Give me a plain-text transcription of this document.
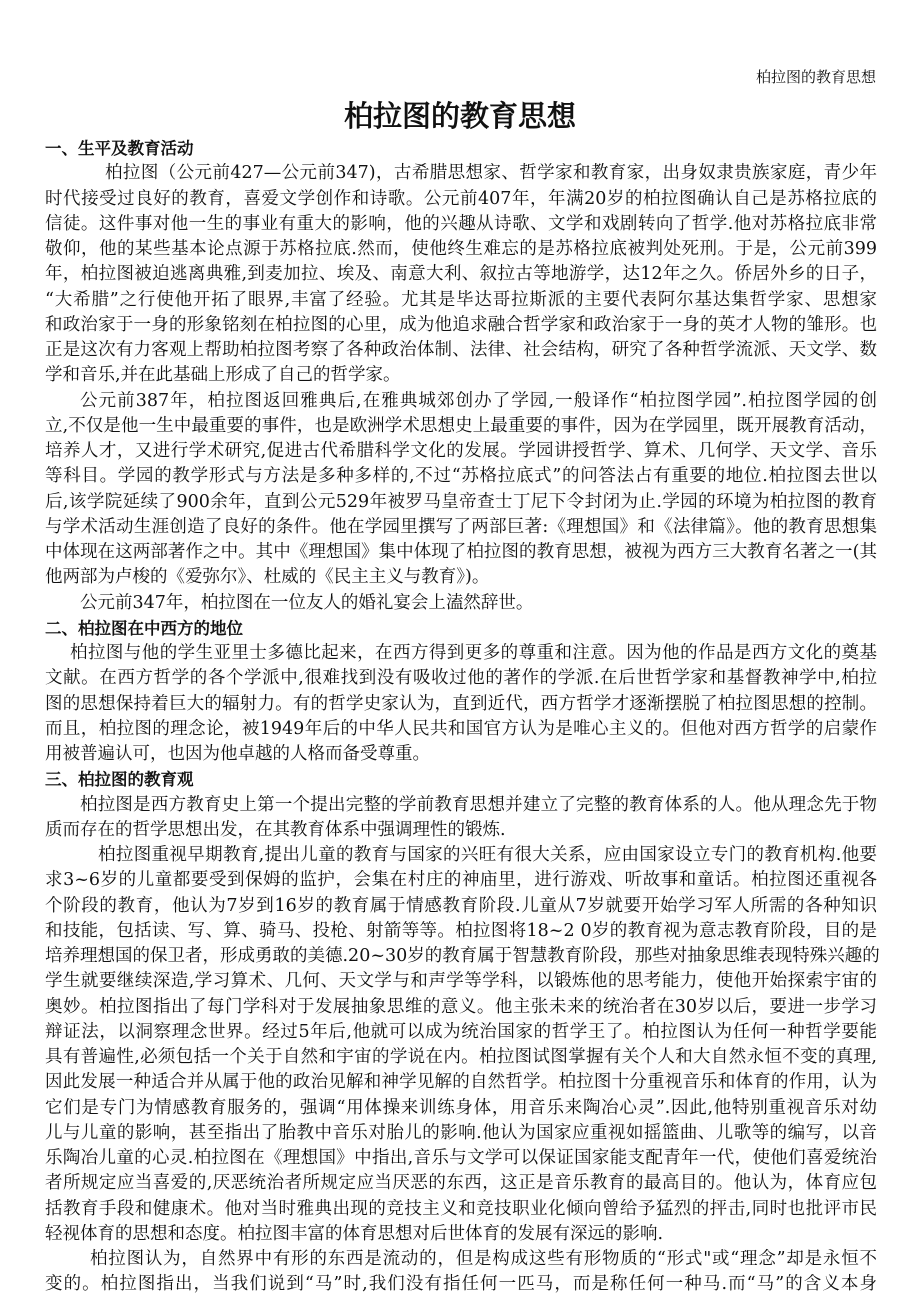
柏拉图的教育思想
柏拉图的教育思想
一、生平及教育活动
柏拉图（公元前427—公元前347)，古希腊思想家、哲学家和教育家，出身奴隶贵族家庭，青少年
时代接受过良好的教育，喜爱文学创作和诗歌。公元前407年，年满20岁的柏拉图确认自己是苏格拉底的
信徒。这件事对他一生的事业有重大的影响，他的兴趣从诗歌、文学和戏剧转向了哲学.他对苏格拉底非常
敬仰，他的某些基本论点源于苏格拉底.然而，使他终生难忘的是苏格拉底被判处死刑。于是，公元前399
年，柏拉图被迫逃离典雅,到麦加拉、埃及、南意大利、叙拉古等地游学，达12年之久。侨居外乡的日子，
“大希腊”之行使他开拓了眼界,丰富了经验。尤其是毕达哥拉斯派的主要代表阿尔基达集哲学家、思想家
和政治家于一身的形象铭刻在柏拉图的心里，成为他追求融合哲学家和政治家于一身的英才人物的雏形。也
正是这次有力客观上帮助柏拉图考察了各种政治体制、法律、社会结构，研究了各种哲学流派、天文学、数
学和音乐,并在此基础上形成了自己的哲学家。
公元前387年，柏拉图返回雅典后,在雅典城郊创办了学园,一般译作“柏拉图学园”.柏拉图学园的创
立,不仅是他一生中最重要的事件，也是欧洲学术思想史上最重要的事件，因为在学园里，既开展教育活动，
培养人才，又进行学术研究,促进古代希腊科学文化的发展。学园讲授哲学、算术、几何学、天文学、音乐
等科目。学园的教学形式与方法是多种多样的,不过“苏格拉底式”的问答法占有重要的地位.柏拉图去世以
后,该学院延续了900余年，直到公元529年被罗马皇帝查士丁尼下令封闭为止.学园的环境为柏拉图的教育
与学术活动生涯创造了良好的条件。他在学园里撰写了两部巨著:《理想国》和《法律篇》。他的教育思想集
中体现在这两部著作之中。其中《理想国》集中体现了柏拉图的教育思想，被视为西方三大教育名著之一(其
他两部为卢梭的《爱弥尔》、杜威的《民主主义与教育》)。
公元前347年，柏拉图在一位友人的婚礼宴会上溘然辞世。
二、柏拉图在中西方的地位
柏拉图与他的学生亚里士多德比起来，在西方得到更多的尊重和注意。因为他的作品是西方文化的奠基
文献。在西方哲学的各个学派中,很难找到没有吸收过他的著作的学派.在后世哲学家和基督教神学中,柏拉
图的思想保持着巨大的辐射力。有的哲学史家认为，直到近代，西方哲学才逐渐摆脱了柏拉图思想的控制。
而且，柏拉图的理念论，被1949年后的中华人民共和国官方认为是唯心主义的。但他对西方哲学的启蒙作
用被普遍认可，也因为他卓越的人格而备受尊重。
三、柏拉图的教育观
柏拉图是西方教育史上第一个提出完整的学前教育思想并建立了完整的教育体系的人。他从理念先于物
质而存在的哲学思想出发，在其教育体系中强调理性的锻炼.
柏拉图重视早期教育,提出儿童的教育与国家的兴旺有很大关系，应由国家设立专门的教育机构.他要
求3~6岁的儿童都要受到保姆的监护，会集在村庄的神庙里，进行游戏、听故事和童话。柏拉图还重视各
个阶段的教育，他认为7岁到16岁的教育属于情感教育阶段.儿童从7岁就要开始学习军人所需的各种知识
和技能，包括读、写、算、骑马、投枪、射箭等等。柏拉图将18~2 0岁的教育视为意志教育阶段，目的是
培养理想国的保卫者，形成勇敢的美德.20~30岁的教育属于智慧教育阶段，那些对抽象思维表现特殊兴趣的
学生就要继续深造,学习算术、几何、天文学与和声学等学科，以锻炼他的思考能力，使他开始探索宇宙的
奥妙。柏拉图指出了每门学科对于发展抽象思维的意义。他主张未来的统治者在30岁以后，要进一步学习
辩证法，以洞察理念世界。经过5年后,他就可以成为统治国家的哲学王了。柏拉图认为任何一种哲学要能
具有普遍性,必须包括一个关于自然和宇宙的学说在内。柏拉图试图掌握有关个人和大自然永恒不变的真理,
因此发展一种适合并从属于他的政治见解和神学见解的自然哲学。柏拉图十分重视音乐和体育的作用，认为
它们是专门为情感教育服务的，强调“用体操来训练身体，用音乐来陶冶心灵”.因此,他特别重视音乐对幼
儿与儿童的影响，甚至指出了胎教中音乐对胎儿的影响.他认为国家应重视如摇篮曲、儿歌等的编写，以音
乐陶冶儿童的心灵.柏拉图在《理想国》中指出,音乐与文学可以保证国家能支配青年一代，使他们喜爱统治
者所规定应当喜爱的,厌恶统治者所规定应当厌恶的东西，这正是音乐教育的最高目的。他认为，体育应包
括教育手段和健康术。他对当时雅典出现的竞技主义和竞技职业化倾向曾给予猛烈的抨击,同时也批评市民
轻视体育的思想和态度。柏拉图丰富的体育思想对后世体育的发展有深远的影响.
柏拉图认为，自然界中有形的东西是流动的，但是构成这些有形物质的“形式"或“理念”却是永恒不
变的。柏拉图指出，当我们说到“马”时,我们没有指任何一匹马，而是称任何一种马.而“马”的含义本身
